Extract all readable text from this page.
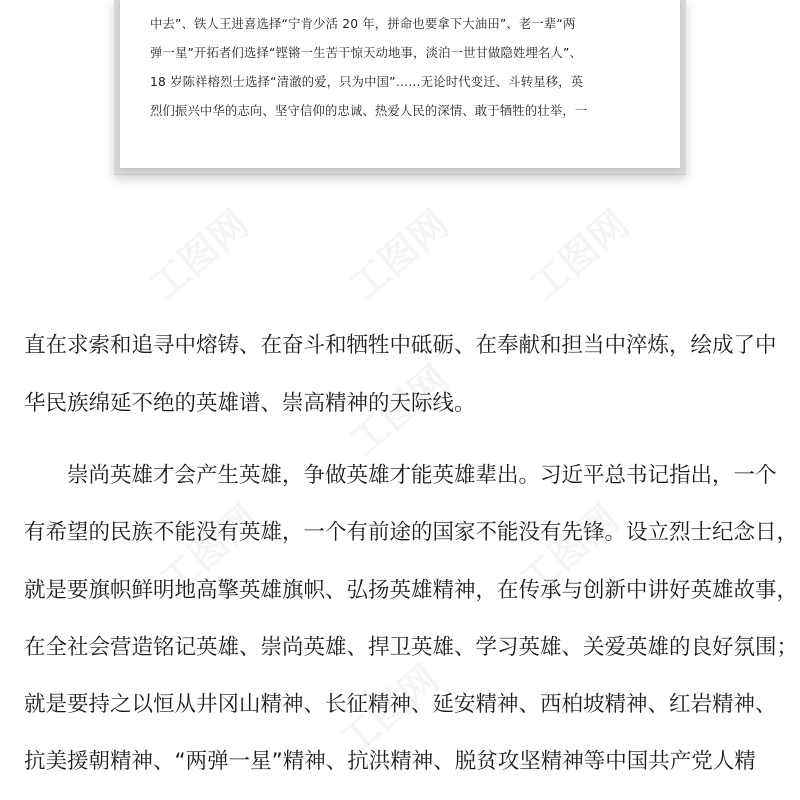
工图网 工图网 工图网
工图网
工图网	工图网
工图网
中去”、铁人王进喜选择“宁肯少活 20 年，拼命也要拿下大油田”、老一辈“两
弹一星”开拓者们选择“铿锵一生苦干惊天动地事，淡泊一世甘做隐姓埋名人”、
18 岁陈祥榕烈士选择“清澈的爱，只为中国”……无论时代变迁、斗转星移，英
烈们振兴中华的志向、坚守信仰的忠诚、热爱人民的深情、敢于牺牲的壮举，一
直在求索和追寻中熔铸、在奋斗和牺牲中砥砺、在奉献和担当中淬炼，绘成了中
华民族绵延不绝的英雄谱、崇高精神的天际线。
崇尚英雄才会产生英雄，争做英雄才能英雄辈出。习近平总书记指出，一个
有希望的民族不能没有英雄，一个有前途的国家不能没有先锋。设立烈士纪念日，
就是要旗帜鲜明地高擎英雄旗帜、弘扬英雄精神，在传承与创新中讲好英雄故事，
在全社会营造铭记英雄、崇尚英雄、捍卫英雄、学习英雄、关爱英雄的良好氛围；
就是要持之以恒从井冈山精神、长征精神、延安精神、西柏坡精神、红岩精神、
抗美援朝精神、“两弹一星”精神、抗洪精神、脱贫攻坚精神等中国共产党人精
